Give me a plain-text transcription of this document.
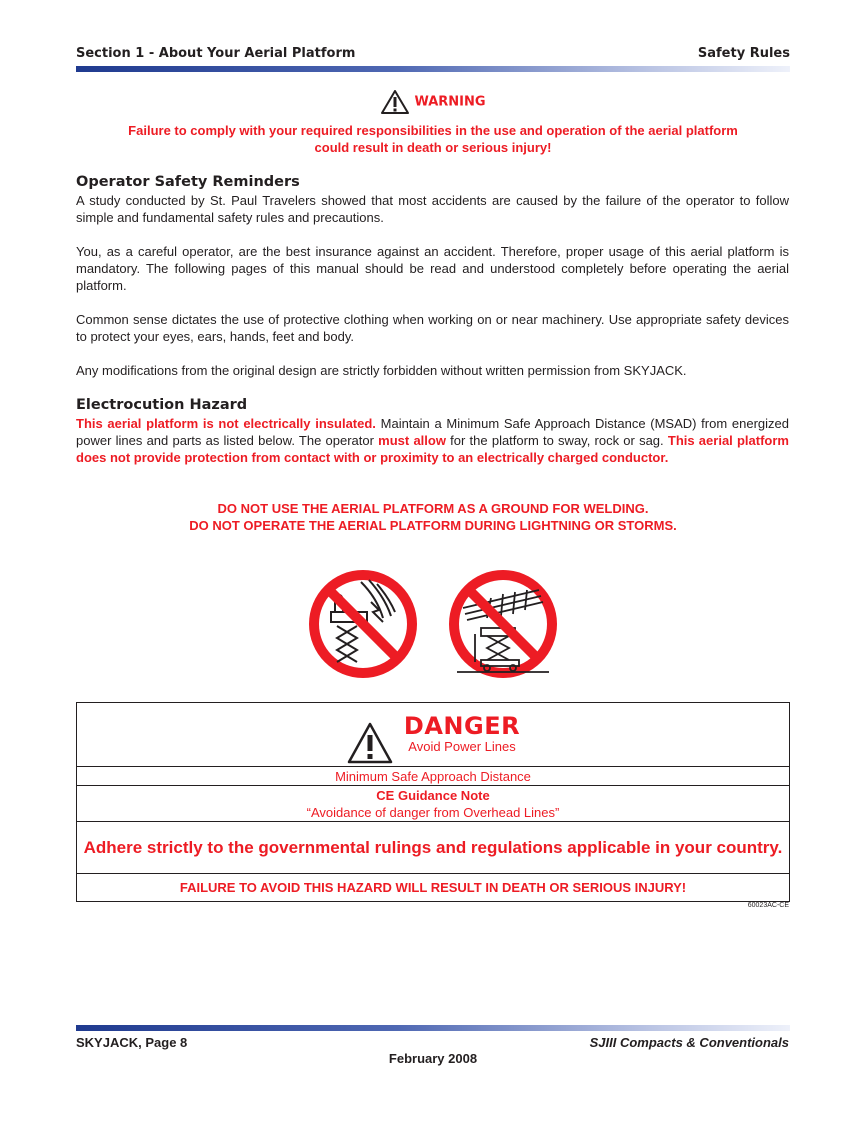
Section 1 - About Your Aerial Platform	Safety Rules
WARNING
Failure to comply with your required responsibilities in the use and operation of the aerial platform
could result in death or serious injury!
Operator Safety Reminders

A study conducted by St. Paul Travelers showed that most accidents are caused by the failure of the operator to follow simple and fundamental safety rules and precautions.

You, as a careful operator, are the best insurance against an accident. Therefore, proper usage of this aerial platform is mandatory. The following pages of this manual should be read and understood completely before operating the aerial platform.

Common sense dictates the use of protective clothing when working on or near machinery. Use appropriate safety devices to protect your eyes, ears, hands, feet and body.

Any modifications from the original design are strictly forbidden without written permission from SKYJACK.

Electrocution Hazard

This aerial platform is not electrically insulated. Maintain a Minimum Safe Approach Distance (MSAD) from energized power lines and parts as listed below. The operator must allow for the platform to sway, rock or sag. This aerial platform does not provide protection from contact with or proximity to an electrically charged conductor.

DO NOT USE THE AERIAL PLATFORM AS A GROUND FOR WELDING.
DO NOT OPERATE THE AERIAL PLATFORM DURING LIGHTNING OR STORMS.
DANGER
Avoid Power Lines

Minimum Safe Approach Distance

CE Guidance Note
“Avoidance of danger from Overhead Lines”

Adhere strictly to the governmental rulings and regulations applicable in your country.
FAILURE TO AVOID THIS HAZARD WILL RESULT IN DEATH OR SERIOUS INJURY!
60023AC-CE
SKYJACK, Page 8	SJIII Compacts & Conventionals
February 2008
